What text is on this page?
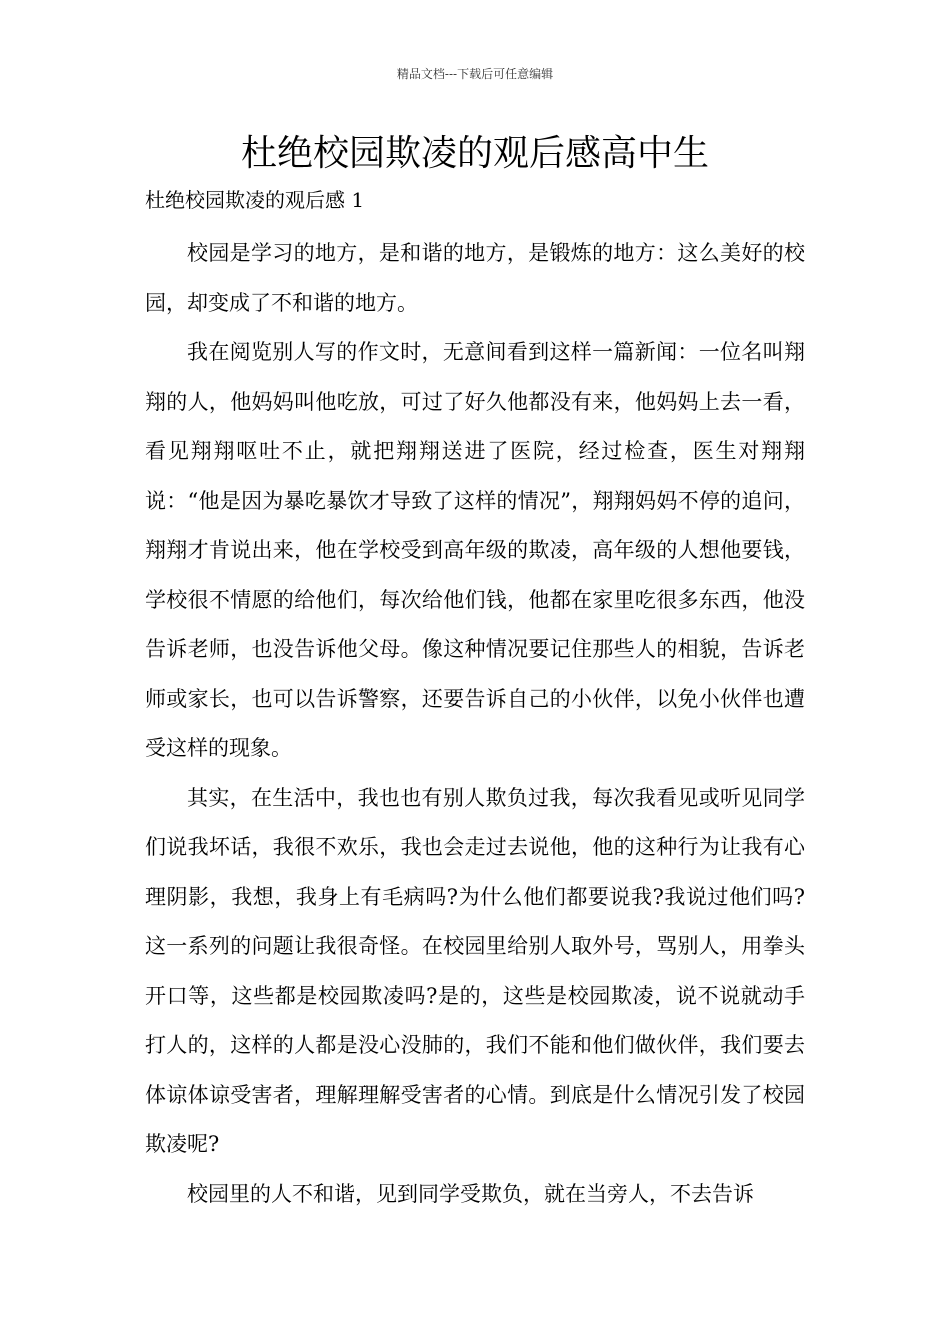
精品文档---下载后可任意编辑
杜绝校园欺凌的观后感高中生

杜绝校园欺凌的观后感 1

校园是学习的地方，是和谐的地方，是锻炼的地方：这么美好的校园，却变成了不和谐的地方。

我在阅览别人写的作文时，无意间看到这样一篇新闻：一位名叫翔翔的人，他妈妈叫他吃放，可过了好久他都没有来，他妈妈上去一看，看见翔翔呕吐不止，就把翔翔送进了医院，经过检查，医生对翔翔说：“他是因为暴吃暴饮才导致了这样的情况”，翔翔妈妈不停的追问，翔翔才肯说出来，他在学校受到高年级的欺凌，高年级的人想他要钱，学校很不情愿的给他们，每次给他们钱，他都在家里吃很多东西，他没告诉老师，也没告诉他父母。像这种情况要记住那些人的相貌，告诉老师或家长，也可以告诉警察，还要告诉自己的小伙伴，以免小伙伴也遭受这样的现象。

其实，在生活中，我也也有别人欺负过我，每次我看见或听见同学们说我坏话，我很不欢乐，我也会走过去说他，他的这种行为让我有心理阴影，我想，我身上有毛病吗?为什么他们都要说我?我说过他们吗?这一系列的问题让我很奇怪。在校园里给别人取外号，骂别人，用拳头开口等，这些都是校园欺凌吗?是的，这些是校园欺凌，说不说就动手打人的，这样的人都是没心没肺的，我们不能和他们做伙伴，我们要去体谅体谅受害者，理解理解受害者的心情。到底是什么情况引发了校园欺凌呢?

校园里的人不和谐，见到同学受欺负，就在当旁人，不去告诉
